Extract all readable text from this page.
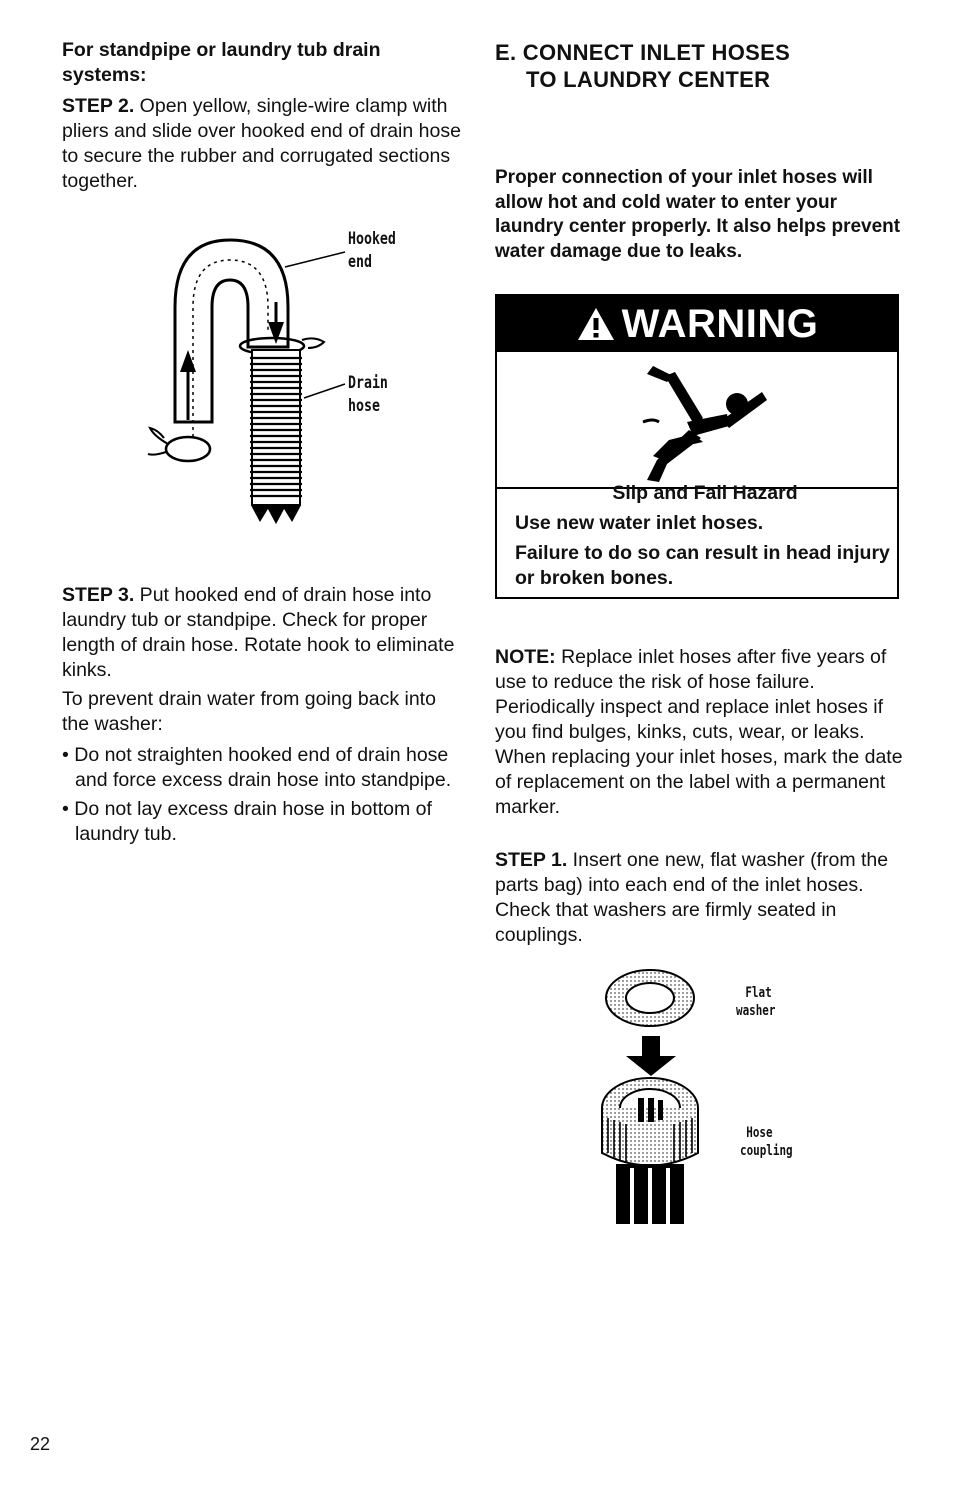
For standpipe or laundry tub drain systems:

STEP 2. Open yellow, single-wire clamp with pliers and slide over hooked end of drain hose to secure the rubber and corrugated sections together.

Hooked
end
Drain
hose

STEP 3. Put hooked end of drain hose into laundry tub or standpipe. Check for proper length of drain hose. Rotate hook to eliminate kinks.

To prevent drain water from going back into the washer:

• Do not straighten hooked end of drain hose and force excess drain hose into standpipe.

• Do not lay excess drain hose in bottom of laundry tub.

E. CONNECT INLET HOSES
TO LAUNDRY CENTER

Proper connection of your inlet hoses will allow hot and cold water to enter your laundry center properly. It also helps prevent water damage due to leaks.

WARNING

Slip and Fall Hazard

Use new water inlet hoses.

Failure to do so can result in head injury or broken bones.

NOTE: Replace inlet hoses after five years of use to reduce the risk of hose failure. Periodically inspect and replace inlet hoses if you find bulges, kinks, cuts, wear, or leaks. When replacing your inlet hoses, mark the date of replacement on the label with a permanent marker.

STEP 1. Insert one new, flat washer (from the parts bag) into each end of the inlet hoses. Check that washers are firmly seated in couplings.

Flat
washer
Hose
coupling
22
